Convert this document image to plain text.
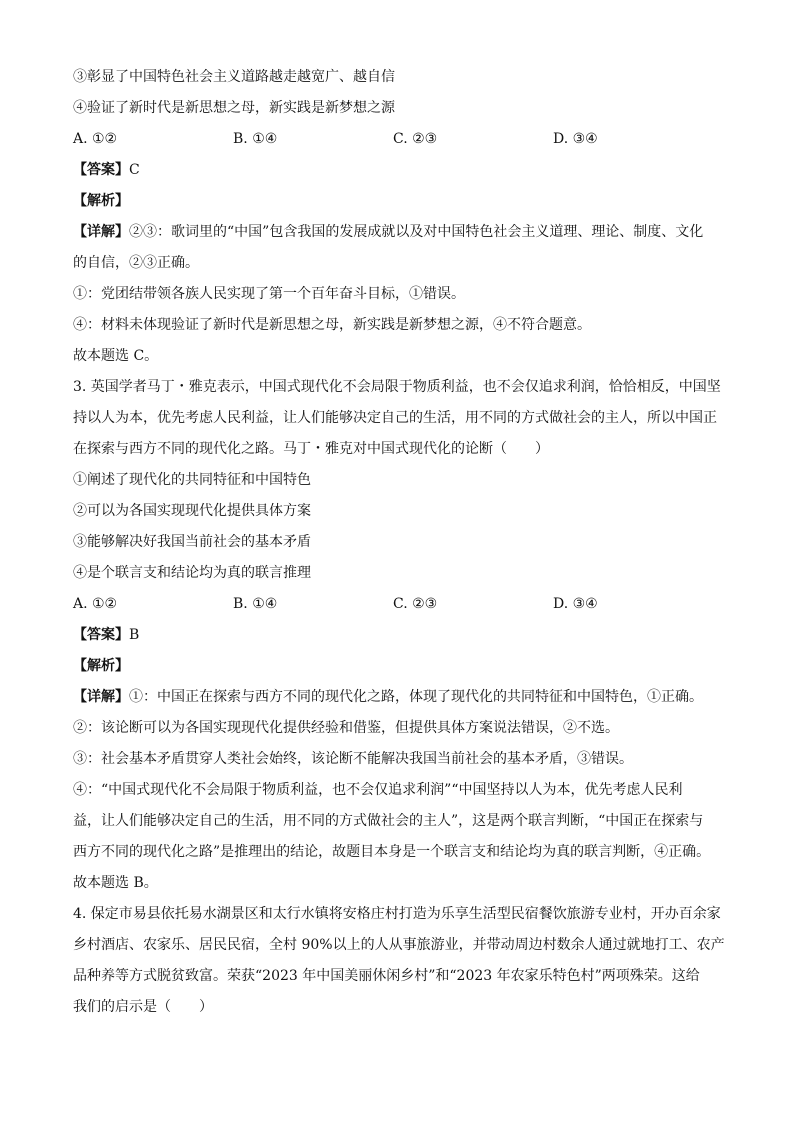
③彰显了中国特色社会主义道路越走越宽广、越自信
④验证了新时代是新思想之母，新实践是新梦想之源
A. ①②	B. ①④	C. ②③	D. ③④
【答案】C
【解析】
【详解】②③：歌词里的“中国”包含我国的发展成就以及对中国特色社会主义道理、理论、制度、文化
的自信，②③正确。
①：党团结带领各族人民实现了第一个百年奋斗目标，①错误。
④：材料未体现验证了新时代是新思想之母，新实践是新梦想之源，④不符合题意。
故本题选 C。
3. 英国学者马丁・雅克表示，中国式现代化不会局限于物质利益，也不会仅追求利润，恰恰相反，中国坚
持以人为本，优先考虑人民利益，让人们能够决定自己的生活，用不同的方式做社会的主人，所以中国正
在探索与西方不同的现代化之路。马丁・雅克对中国式现代化的论断（　　）
①阐述了现代化的共同特征和中国特色
②可以为各国实现现代化提供具体方案
③能够解决好我国当前社会的基本矛盾
④是个联言支和结论均为真的联言推理
A. ①②	B. ①④	C. ②③	D. ③④
【答案】B
【解析】
【详解】①：中国正在探索与西方不同的现代化之路，体现了现代化的共同特征和中国特色，①正确。
②：该论断可以为各国实现现代化提供经验和借鉴，但提供具体方案说法错误，②不选。
③：社会基本矛盾贯穿人类社会始终，该论断不能解决我国当前社会的基本矛盾，③错误。
④：“中国式现代化不会局限于物质利益，也不会仅追求利润”“中国坚持以人为本，优先考虑人民利
益，让人们能够决定自己的生活，用不同的方式做社会的主人”，这是两个联言判断，“中国正在探索与
西方不同的现代化之路”是推理出的结论，故题目本身是一个联言支和结论均为真的联言判断，④正确。
故本题选 B。
4. 保定市易县依托易水湖景区和太行水镇将安格庄村打造为乐享生活型民宿餐饮旅游专业村，开办百余家
乡村酒店、农家乐、居民民宿，全村 90%以上的人从事旅游业，并带动周边村数余人通过就地打工、农产
品种养等方式脱贫致富。荣获“2023 年中国美丽休闲乡村”和“2023 年农家乐特色村”两项殊荣。这给
我们的启示是（　　）
